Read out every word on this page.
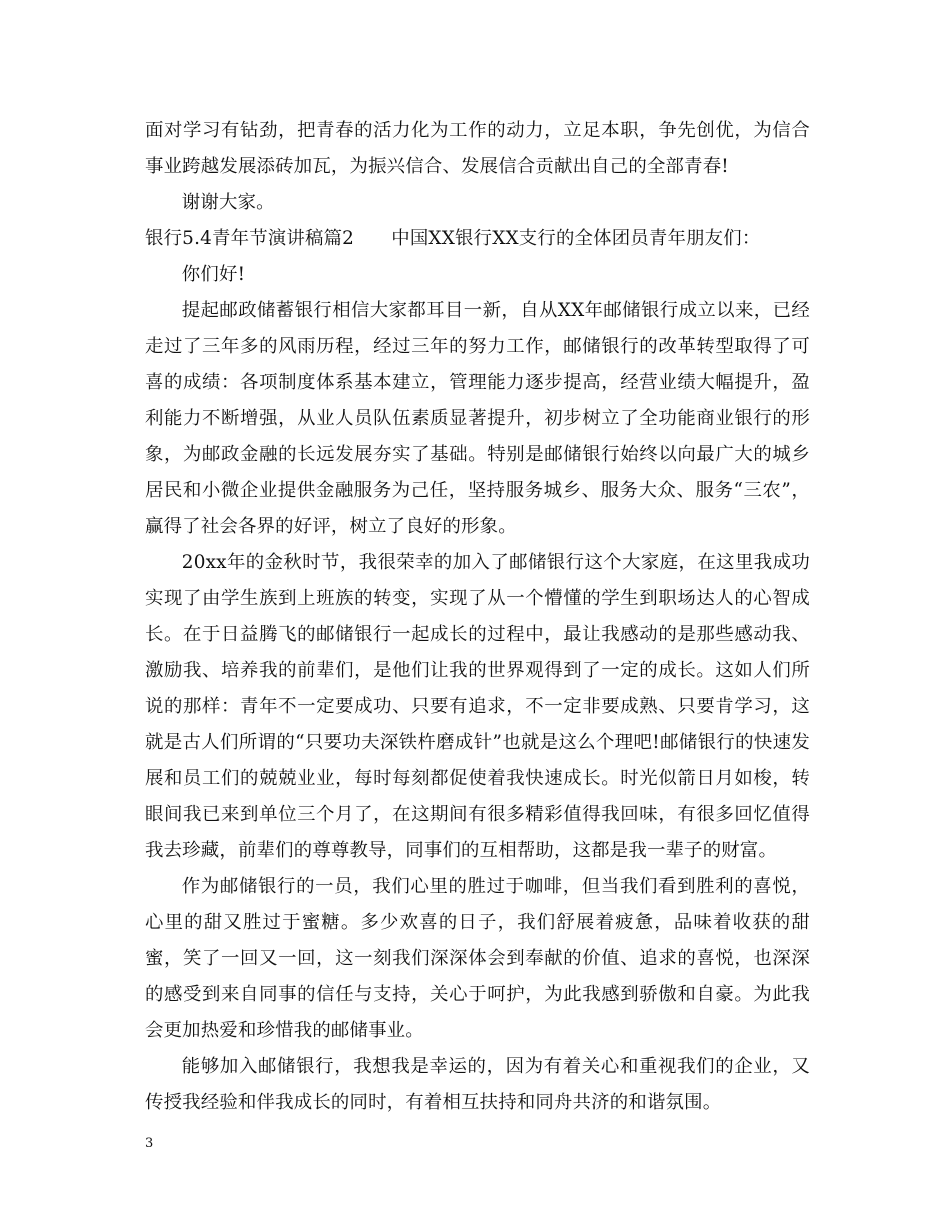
面对学习有钻劲，把青春的活力化为工作的动力，立足本职，争先创优，为信合事业跨越发展添砖加瓦，为振兴信合、发展信合贡献出自己的全部青春!

谢谢大家。

银行5.4青年节演讲稿篇2　　中国XX银行XX支行的全体团员青年朋友们：

你们好!

提起邮政储蓄银行相信大家都耳目一新，自从XX年邮储银行成立以来，已经走过了三年多的风雨历程，经过三年的努力工作，邮储银行的改革转型取得了可喜的成绩：各项制度体系基本建立，管理能力逐步提高，经营业绩大幅提升，盈利能力不断增强，从业人员队伍素质显著提升，初步树立了全功能商业银行的形象，为邮政金融的长远发展夯实了基础。特别是邮储银行始终以向最广大的城乡居民和小微企业提供金融服务为己任，坚持服务城乡、服务大众、服务“三农”，赢得了社会各界的好评，树立了良好的形象。

20xx年的金秋时节，我很荣幸的加入了邮储银行这个大家庭，在这里我成功实现了由学生族到上班族的转变，实现了从一个懵懂的学生到职场达人的心智成长。在于日益腾飞的邮储银行一起成长的过程中，最让我感动的是那些感动我、激励我、培养我的前辈们，是他们让我的世界观得到了一定的成长。这如人们所说的那样：青年不一定要成功、只要有追求，不一定非要成熟、只要肯学习，这就是古人们所谓的“只要功夫深铁杵磨成针”也就是这么个理吧!邮储银行的快速发展和员工们的兢兢业业，每时每刻都促使着我快速成长。时光似箭日月如梭，转眼间我已来到单位三个月了，在这期间有很多精彩值得我回味，有很多回忆值得我去珍藏，前辈们的尊尊教导，同事们的互相帮助，这都是我一辈子的财富。

作为邮储银行的一员，我们心里的胜过于咖啡，但当我们看到胜利的喜悦，心里的甜又胜过于蜜糖。多少欢喜的日子，我们舒展着疲惫，品味着收获的甜蜜，笑了一回又一回，这一刻我们深深体会到奉献的价值、追求的喜悦，也深深的感受到来自同事的信任与支持，关心于呵护，为此我感到骄傲和自豪。为此我会更加热爱和珍惜我的邮储事业。

能够加入邮储银行，我想我是幸运的，因为有着关心和重视我们的企业，又传授我经验和伴我成长的同时，有着相互扶持和同舟共济的和谐氛围。

3
